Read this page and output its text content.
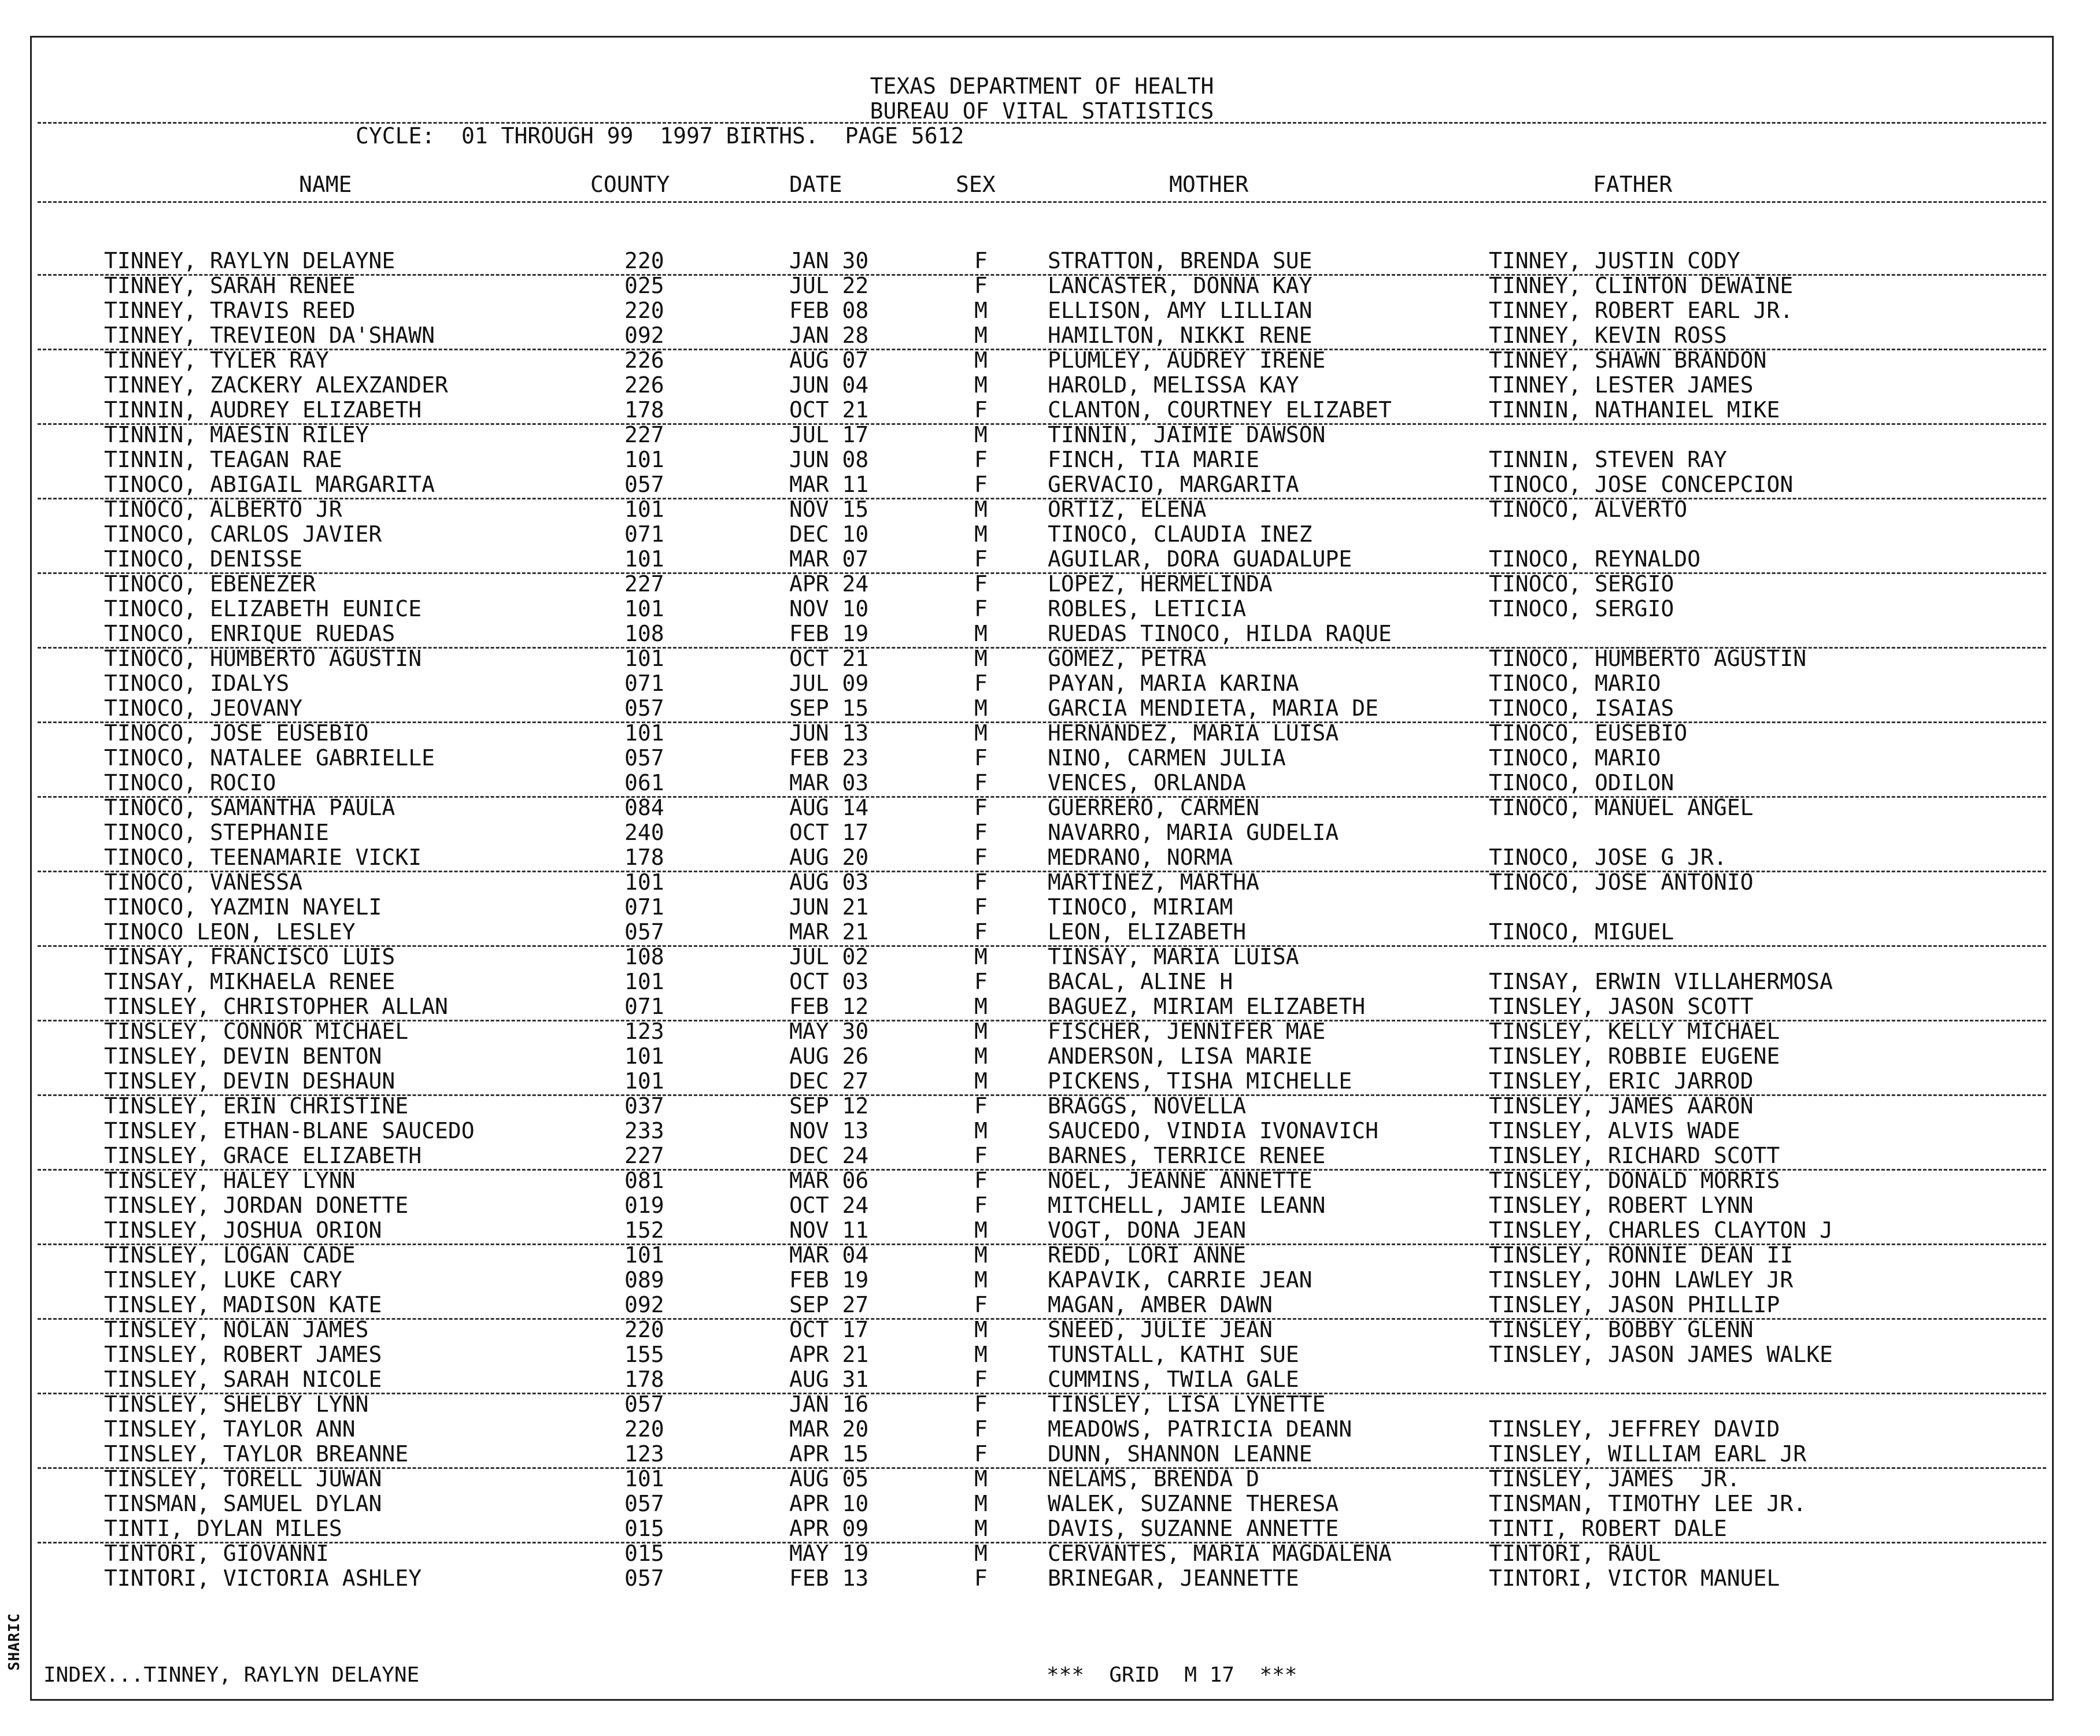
SHARIC
TEXAS DEPARTMENT OF HEALTH
BUREAU OF VITAL STATISTICS
CYCLE:  01 THROUGH 99  1997 BIRTHS.  PAGE 5612
NAME	COUNTY	DATE	SEX	MOTHER	FATHER
TINNEY, RAYLYN DELAYNE	220	JAN 30	F	STRATTON, BRENDA SUE	TINNEY, JUSTIN CODY
TINNEY, SARAH RENEE	025	JUL 22	F	LANCASTER, DONNA KAY	TINNEY, CLINTON DEWAINE
TINNEY, TRAVIS REED	220	FEB 08	M	ELLISON, AMY LILLIAN	TINNEY, ROBERT EARL JR.
TINNEY, TREVIEON DA'SHAWN	092	JAN 28	M	HAMILTON, NIKKI RENE	TINNEY, KEVIN ROSS
TINNEY, TYLER RAY	226	AUG 07	M	PLUMLEY, AUDREY IRENE	TINNEY, SHAWN BRANDON
TINNEY, ZACKERY ALEXZANDER	226	JUN 04	M	HAROLD, MELISSA KAY	TINNEY, LESTER JAMES
TINNIN, AUDREY ELIZABETH	178	OCT 21	F	CLANTON, COURTNEY ELIZABET	TINNIN, NATHANIEL MIKE
TINNIN, MAESIN RILEY	227	JUL 17	M	TINNIN, JAIMIE DAWSON
TINNIN, TEAGAN RAE	101	JUN 08	F	FINCH, TIA MARIE	TINNIN, STEVEN RAY
TINOCO, ABIGAIL MARGARITA	057	MAR 11	F	GERVACIO, MARGARITA	TINOCO, JOSE CONCEPCION
TINOCO, ALBERTO JR	101	NOV 15	M	ORTIZ, ELENA	TINOCO, ALVERTO
TINOCO, CARLOS JAVIER	071	DEC 10	M	TINOCO, CLAUDIA INEZ
TINOCO, DENISSE	101	MAR 07	F	AGUILAR, DORA GUADALUPE	TINOCO, REYNALDO
TINOCO, EBENEZER	227	APR 24	F	LOPEZ, HERMELINDA	TINOCO, SERGIO
TINOCO, ELIZABETH EUNICE	101	NOV 10	F	ROBLES, LETICIA	TINOCO, SERGIO
TINOCO, ENRIQUE RUEDAS	108	FEB 19	M	RUEDAS TINOCO, HILDA RAQUE
TINOCO, HUMBERTO AGUSTIN	101	OCT 21	M	GOMEZ, PETRA	TINOCO, HUMBERTO AGUSTIN
TINOCO, IDALYS	071	JUL 09	F	PAYAN, MARIA KARINA	TINOCO, MARIO
TINOCO, JEOVANY	057	SEP 15	M	GARCIA MENDIETA, MARIA DE	TINOCO, ISAIAS
TINOCO, JOSE EUSEBIO	101	JUN 13	M	HERNANDEZ, MARIA LUISA	TINOCO, EUSEBIO
TINOCO, NATALEE GABRIELLE	057	FEB 23	F	NINO, CARMEN JULIA	TINOCO, MARIO
TINOCO, ROCIO	061	MAR 03	F	VENCES, ORLANDA	TINOCO, ODILON
TINOCO, SAMANTHA PAULA	084	AUG 14	F	GUERRERO, CARMEN	TINOCO, MANUEL ANGEL
TINOCO, STEPHANIE	240	OCT 17	F	NAVARRO, MARIA GUDELIA
TINOCO, TEENAMARIE VICKI	178	AUG 20	F	MEDRANO, NORMA	TINOCO, JOSE G JR.
TINOCO, VANESSA	101	AUG 03	F	MARTINEZ, MARTHA	TINOCO, JOSE ANTONIO
TINOCO, YAZMIN NAYELI	071	JUN 21	F	TINOCO, MIRIAM
TINOCO LEON, LESLEY	057	MAR 21	F	LEON, ELIZABETH	TINOCO, MIGUEL
TINSAY, FRANCISCO LUIS	108	JUL 02	M	TINSAY, MARIA LUISA
TINSAY, MIKHAELA RENEE	101	OCT 03	F	BACAL, ALINE H	TINSAY, ERWIN VILLAHERMOSA
TINSLEY, CHRISTOPHER ALLAN	071	FEB 12	M	BAGUEZ, MIRIAM ELIZABETH	TINSLEY, JASON SCOTT
TINSLEY, CONNOR MICHAEL	123	MAY 30	M	FISCHER, JENNIFER MAE	TINSLEY, KELLY MICHAEL
TINSLEY, DEVIN BENTON	101	AUG 26	M	ANDERSON, LISA MARIE	TINSLEY, ROBBIE EUGENE
TINSLEY, DEVIN DESHAUN	101	DEC 27	M	PICKENS, TISHA MICHELLE	TINSLEY, ERIC JARROD
TINSLEY, ERIN CHRISTINE	037	SEP 12	F	BRAGGS, NOVELLA	TINSLEY, JAMES AARON
TINSLEY, ETHAN-BLANE SAUCEDO	233	NOV 13	M	SAUCEDO, VINDIA IVONAVICH	TINSLEY, ALVIS WADE
TINSLEY, GRACE ELIZABETH	227	DEC 24	F	BARNES, TERRICE RENEE	TINSLEY, RICHARD SCOTT
TINSLEY, HALEY LYNN	081	MAR 06	F	NOEL, JEANNE ANNETTE	TINSLEY, DONALD MORRIS
TINSLEY, JORDAN DONETTE	019	OCT 24	F	MITCHELL, JAMIE LEANN	TINSLEY, ROBERT LYNN
TINSLEY, JOSHUA ORION	152	NOV 11	M	VOGT, DONA JEAN	TINSLEY, CHARLES CLAYTON J
TINSLEY, LOGAN CADE	101	MAR 04	M	REDD, LORI ANNE	TINSLEY, RONNIE DEAN II
TINSLEY, LUKE CARY	089	FEB 19	M	KAPAVIK, CARRIE JEAN	TINSLEY, JOHN LAWLEY JR
TINSLEY, MADISON KATE	092	SEP 27	F	MAGAN, AMBER DAWN	TINSLEY, JASON PHILLIP
TINSLEY, NOLAN JAMES	220	OCT 17	M	SNEED, JULIE JEAN	TINSLEY, BOBBY GLENN
TINSLEY, ROBERT JAMES	155	APR 21	M	TUNSTALL, KATHI SUE	TINSLEY, JASON JAMES WALKE
TINSLEY, SARAH NICOLE	178	AUG 31	F	CUMMINS, TWILA GALE
TINSLEY, SHELBY LYNN	057	JAN 16	F	TINSLEY, LISA LYNETTE
TINSLEY, TAYLOR ANN	220	MAR 20	F	MEADOWS, PATRICIA DEANN	TINSLEY, JEFFREY DAVID
TINSLEY, TAYLOR BREANNE	123	APR 15	F	DUNN, SHANNON LEANNE	TINSLEY, WILLIAM EARL JR
TINSLEY, TORELL JUWAN	101	AUG 05	M	NELAMS, BRENDA D	TINSLEY, JAMES  JR.
TINSMAN, SAMUEL DYLAN	057	APR 10	M	WALEK, SUZANNE THERESA	TINSMAN, TIMOTHY LEE JR.
TINTI, DYLAN MILES	015	APR 09	M	DAVIS, SUZANNE ANNETTE	TINTI, ROBERT DALE
TINTORI, GIOVANNI	015	MAY 19	M	CERVANTES, MARIA MAGDALENA	TINTORI, RAUL
TINTORI, VICTORIA ASHLEY	057	FEB 13	F	BRINEGAR, JEANNETTE	TINTORI, VICTOR MANUEL
INDEX...TINNEY, RAYLYN DELAYNE	***  GRID  M 17  ***
